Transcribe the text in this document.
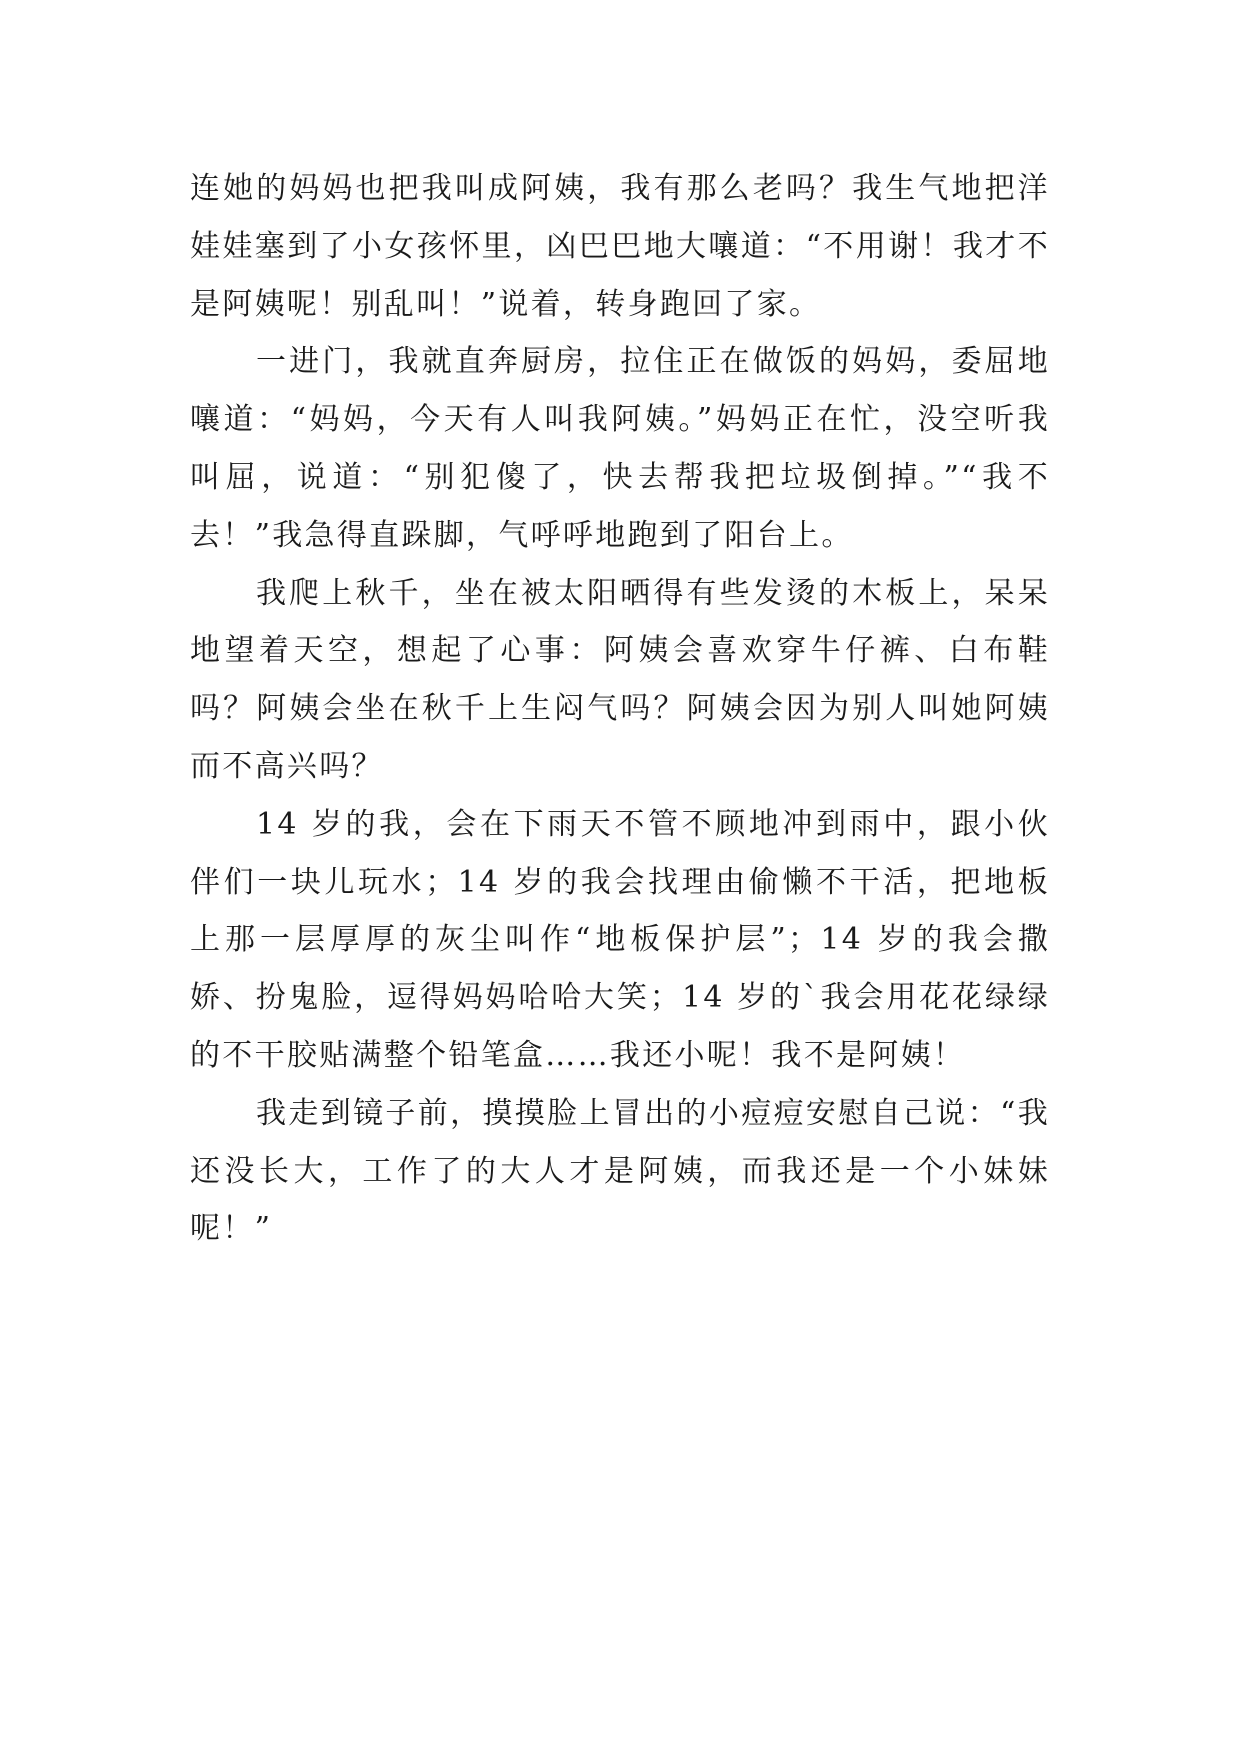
连她的妈妈也把我叫成阿姨，我有那么老吗？我生气地把洋娃娃塞到了小女孩怀里，凶巴巴地大嚷道：“不用谢！我才不是阿姨呢！别乱叫！”说着，转身跑回了家。

一进门，我就直奔厨房，拉住正在做饭的妈妈，委屈地嚷道：“妈妈，今天有人叫我阿姨。”妈妈正在忙，没空听我叫屈，说道：“别犯傻了，快去帮我把垃圾倒掉。”“我不去！”我急得直跺脚，气呼呼地跑到了阳台上。

我爬上秋千，坐在被太阳晒得有些发烫的木板上，呆呆地望着天空，想起了心事：阿姨会喜欢穿牛仔裤、白布鞋吗？阿姨会坐在秋千上生闷气吗？阿姨会因为别人叫她阿姨而不高兴吗？

14 岁的我，会在下雨天不管不顾地冲到雨中，跟小伙伴们一块儿玩水；14 岁的我会找理由偷懒不干活，把地板上那一层厚厚的灰尘叫作“地板保护层”；14 岁的我会撒娇、扮鬼脸，逗得妈妈哈哈大笑；14 岁的`我会用花花绿绿的不干胶贴满整个铅笔盒……我还小呢！我不是阿姨！

我走到镜子前，摸摸脸上冒出的小痘痘安慰自己说：“我还没长大，工作了的大人才是阿姨，而我还是一个小妹妹呢！”
